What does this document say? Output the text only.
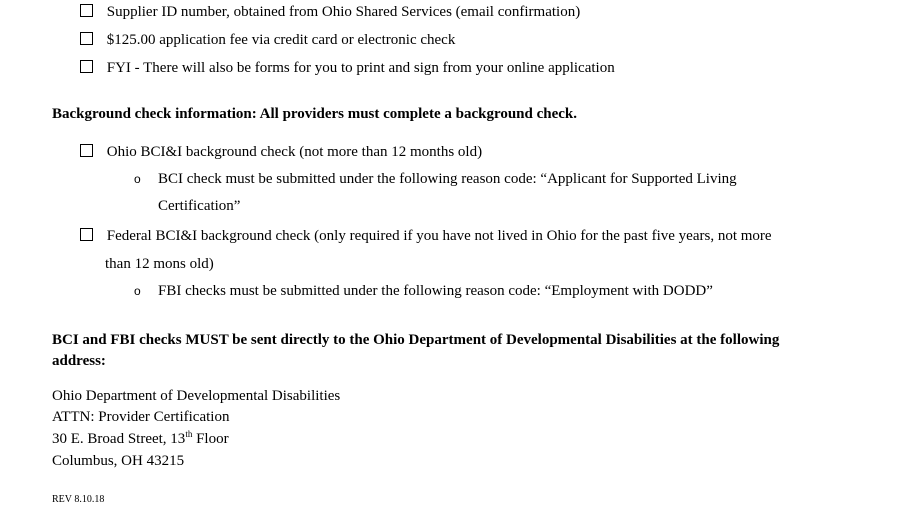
Supplier ID number, obtained from Ohio Shared Services (email confirmation)
$125.00 application fee via credit card or electronic check
FYI - There will also be forms for you to print and sign from your online application
Background check information: All providers must complete a background check.
Ohio BCI&I background check (not more than 12 months old)
o BCI check must be submitted under the following reason code: “Applicant for Supported Living
Certification”
Federal BCI&I background check (only required if you have not lived in Ohio for the past five years, not more
than 12 mons old)
o FBI checks must be submitted under the following reason code: “Employment with DODD”
BCI and FBI checks MUST be sent directly to the Ohio Department of Developmental Disabilities at the following
address:
Ohio Department of Developmental Disabilities
ATTN: Provider Certification
30 E. Broad Street, 13th Floor
Columbus, OH 43215
REV 8.10.18
